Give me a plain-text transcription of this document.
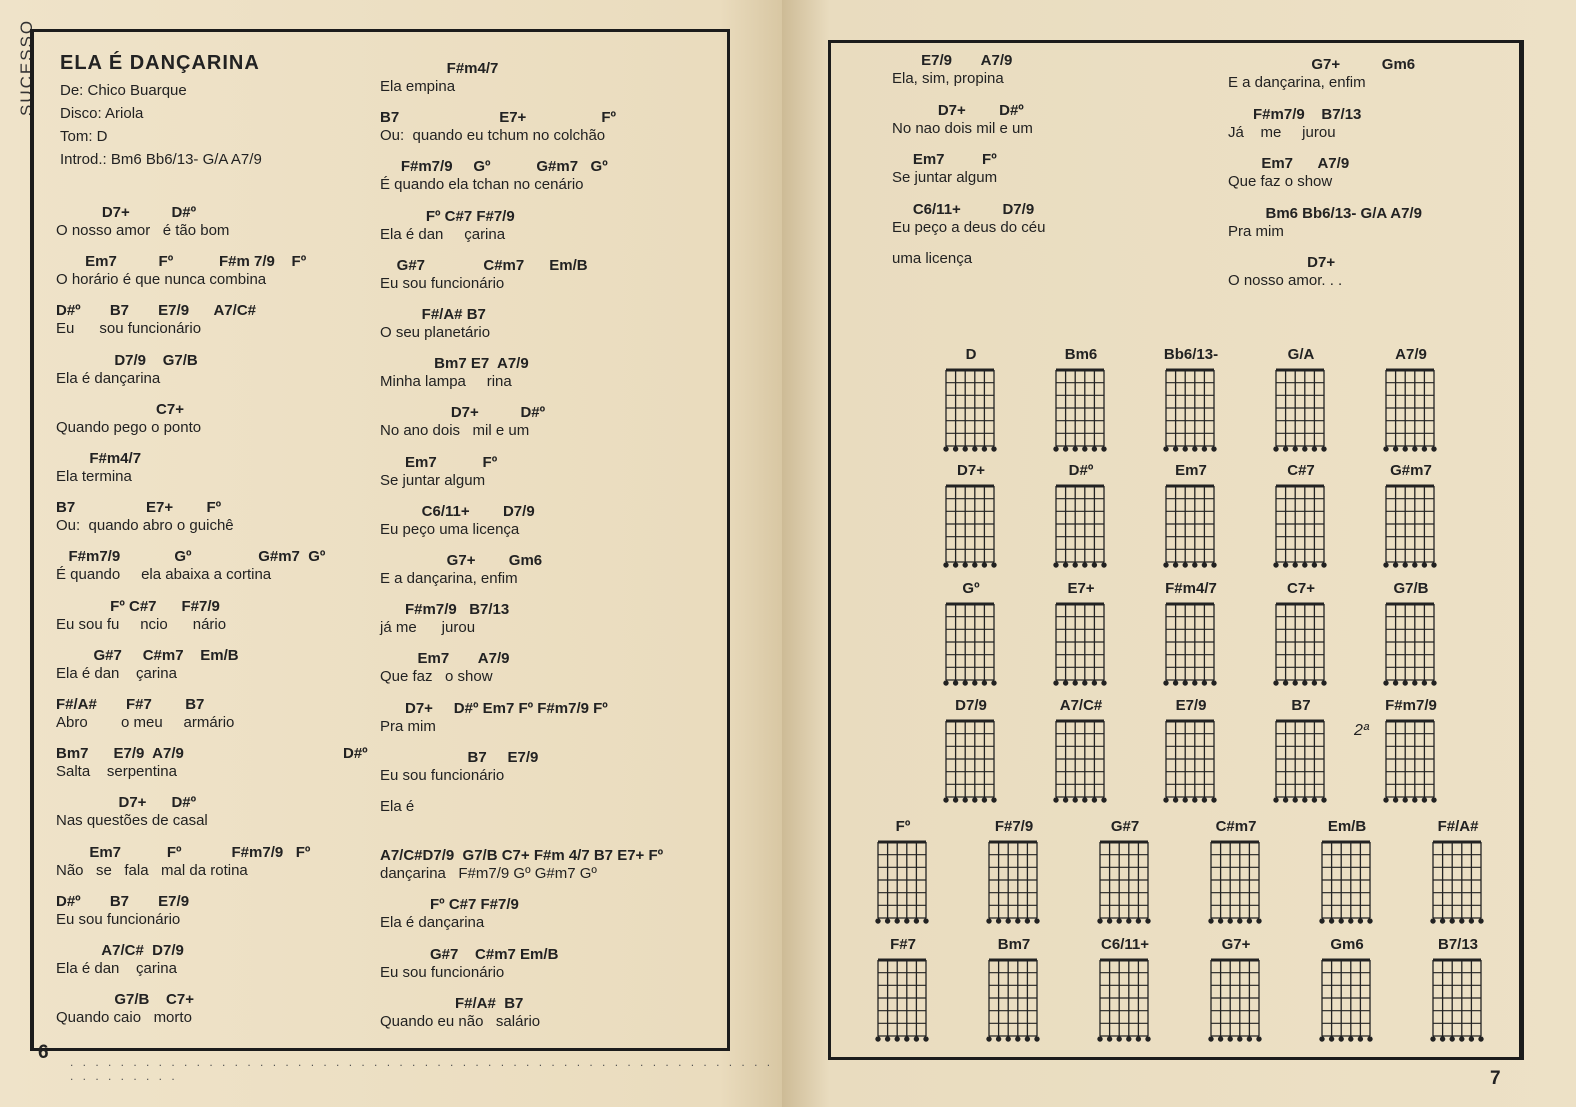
SUCESSO ELA É DANÇARINA
De: Chico Buarque
Disco: Ariola
Tom: D
Introd.: Bm6 Bb6/13- G/A A7/9
D7+          D#º
O nosso amor   é tão bom
Em7          Fº           F#m 7/9    Fº
O horário é que nunca combina
D#º       B7       E7/9      A7/C#
Eu      sou funcionário
D7/9    G7/B
Ela é dançarina
C7+
Quando pego o ponto
F#m4/7
Ela termina
B7                 E7+        Fº
Ou:  quando abro o guichê
F#m7/9             Gº                G#m7  Gº
É quando     ela abaixa a cortina
Fº C#7      F#7/9
Eu sou fu     ncio      nário
G#7     C#m7    Em/B
Ela é dan    çarina
F#/A#       F#7        B7
Abro        o meu     armário
Bm7      E7/9  A7/9
Salta    serpentina
D7+      D#º
Nas questões de casal
Em7           Fº            F#m7/9   Fº
Não   se   fala   mal da rotina
D#º       B7       E7/9
Eu sou funcionário
A7/C#  D7/9
Ela é dan    çarina
G7/B    C7+
Quando caio   morto
F#m4/7
Ela empina
B7                        E7+                  Fº
Ou:  quando eu tchum no colchão
F#m7/9     Gº           G#m7   Gº
É quando ela tchan no cenário
Fº C#7 F#7/9
Ela é dan     çarina
G#7              C#m7      Em/B
Eu sou funcionário
F#/A# B7
O seu planetário
Bm7 E7  A7/9
Minha lampa     rina
D7+          D#º
No ano dois   mil e um
Em7           Fº
Se juntar algum
C6/11+        D7/9
Eu peço uma licença
G7+        Gm6
E a dançarina, enfim
F#m7/9   B7/13
já me      jurou
Em7       A7/9
Que faz   o show
D7+     D#º Em7 Fº F#m7/9 Fº
Pra mim
B7     E7/9
Eu sou funcionário
Ela é
A7/C#D7/9  G7/B C7+ F#m 4/7 B7 E7+ Fº
dançarina   F#m7/9 Gº G#m7 Gº
Fº C#7 F#7/9
Ela é dançarina
G#7    C#m7 Em/B
Eu sou funcionário
F#/A#  B7
Quando eu não   salário
D#º
6 . . . . . . . . . . . . . . . . . . . . . . . . . . . . . . . . . . . . . . . . . . . . . . . . . . . . . . . . . . . . . . . . .
E7/9       A7/9
Ela, sim, propina
D7+        D#º
No nao dois mil e um
Em7         Fº
Se juntar algum
C6/11+          D7/9
Eu peço a deus do céu
uma licença
G7+          Gm6
E a dançarina, enfim
F#m7/9    B7/13
Já    me     jurou
Em7      A7/9
Que faz o show
Bm6 Bb6/13- G/A A7/9
Pra mim
D7+
O nosso amor. . .
D	Bm6	Bb6/13-	G/A	A7/9
D7+	D#º	Em7	C#7	G#m7
Gº	E7+	F#m4/7	C7+	G7/B
D7/9	A7/C#	E7/9	B7	F#m7/9
Fº	F#7/9	G#7	C#m7	Em/B	F#/A#
F#7	Bm7	C6/11+	G7+	Gm6	B7/13
2ª
7
